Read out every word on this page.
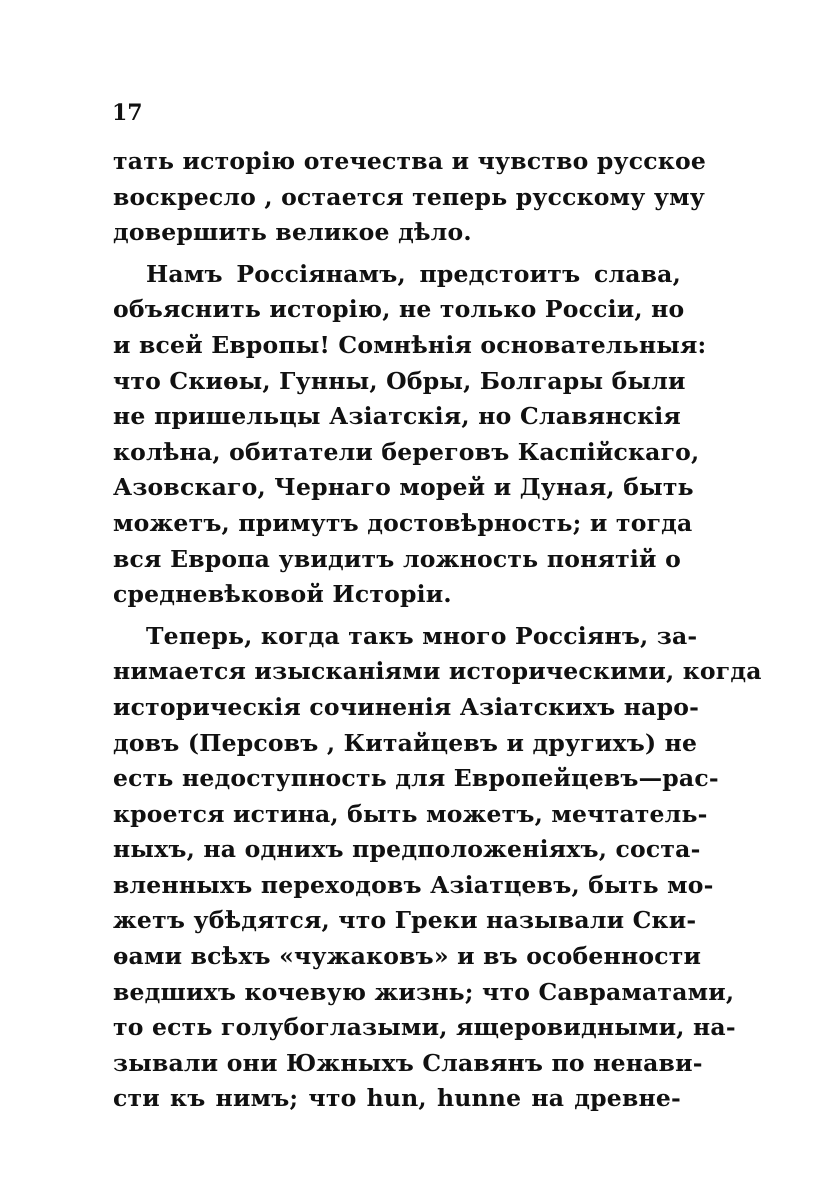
17
тать исторію отечества и чувство русское
воскресло , остается теперь русскому уму
довершить великое дѣло.
Намъ Россіянамъ, предстоитъ слава,
объяснить исторію, не только Россіи, но
и всей Европы! Сомнѣнія основательныя:
что Скиѳы, Гунны, Обры, Болгары были
не пришельцы Азіатскія, но Славянскія
колѣна, обитатели береговъ Каспійскаго,
Азовскаго, Чернаго морей и Дуная, быть
можетъ, примутъ достовѣрность; и тогда
вся Европа увидитъ ложность понятій о
средневѣковой Исторіи.
Теперь, когда такъ много Россіянъ, за-
нимается изысканіями историческими, когда
историческія сочиненія Азіатскихъ наро-
довъ (Персовъ , Китайцевъ и другихъ) не
есть недоступность для Европейцевъ—рас-
кроется истина, быть можетъ, мечтатель-
ныхъ, на однихъ предположеніяхъ, соста-
вленныхъ переходовъ Азіатцевъ, быть мо-
жетъ убѣдятся, что Греки называли Ски-
ѳами всѣхъ «чужаковъ» и въ особенности
ведшихъ кочевую жизнь; что Савраматами,
то есть голубоглазыми, ящеровидными, на-
зывали они Южныхъ Славянъ по ненави-
сти къ нимъ; что hun, hunne на древне-
